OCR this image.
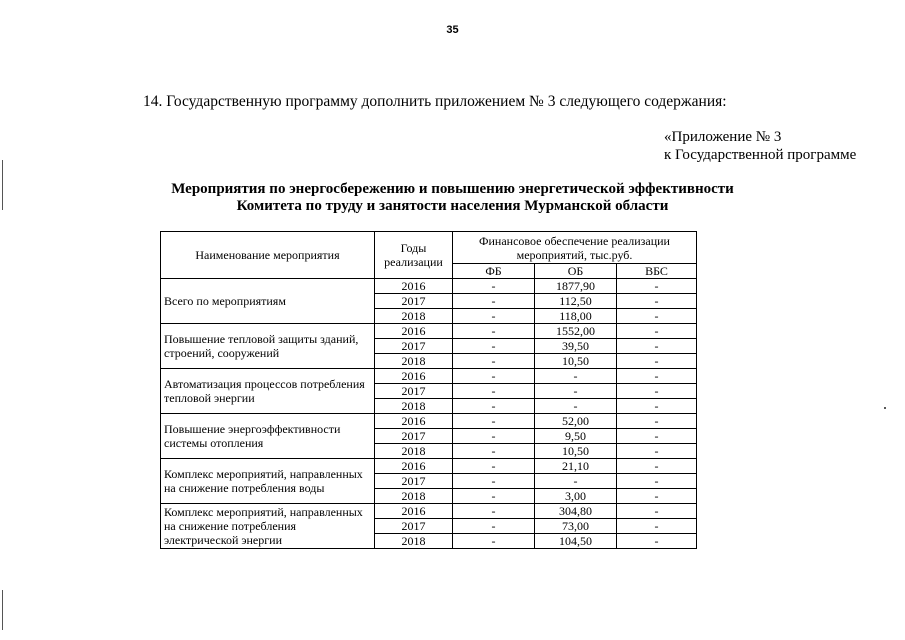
35
14. Государственную программу дополнить приложением № 3 следующего содержания:
«Приложение № 3
к Государственной программе
Мероприятия по энергосбережению и повышению энергетической эффективности
Комитета по труду и занятости населения Мурманской области
Наименование мероприятия	Годы реализации	Финансовое обеспечение реализации мероприятий, тыс.руб.		
		ФБ	ОБ	ВБС
Всего по мероприятиям	2016	-	1877,90	-
	2017	-	112,50	-
	2018	-	118,00	-
Повышение тепловой защиты зданий, строений, сооружений	2016	-	1552,00	-
	2017	-	39,50	-
	2018	-	10,50	-
Автоматизация процессов потребления тепловой энергии	2016	-	-	-
	2017	-	-	-
	2018	-	-	-
Повышение энергоэффективности системы отопления	2016	-	52,00	-
	2017	-	9,50	-
	2018	-	10,50	-
Комплекс мероприятий, направленных на снижение потребления воды	2016	-	21,10	-
	2017	-	-	-
	2018	-	3,00	-
Комплекс мероприятий, направленных на снижение потребления электрической энергии	2016	-	304,80	-
	2017	-	73,00	-
	2018	-	104,50	-
